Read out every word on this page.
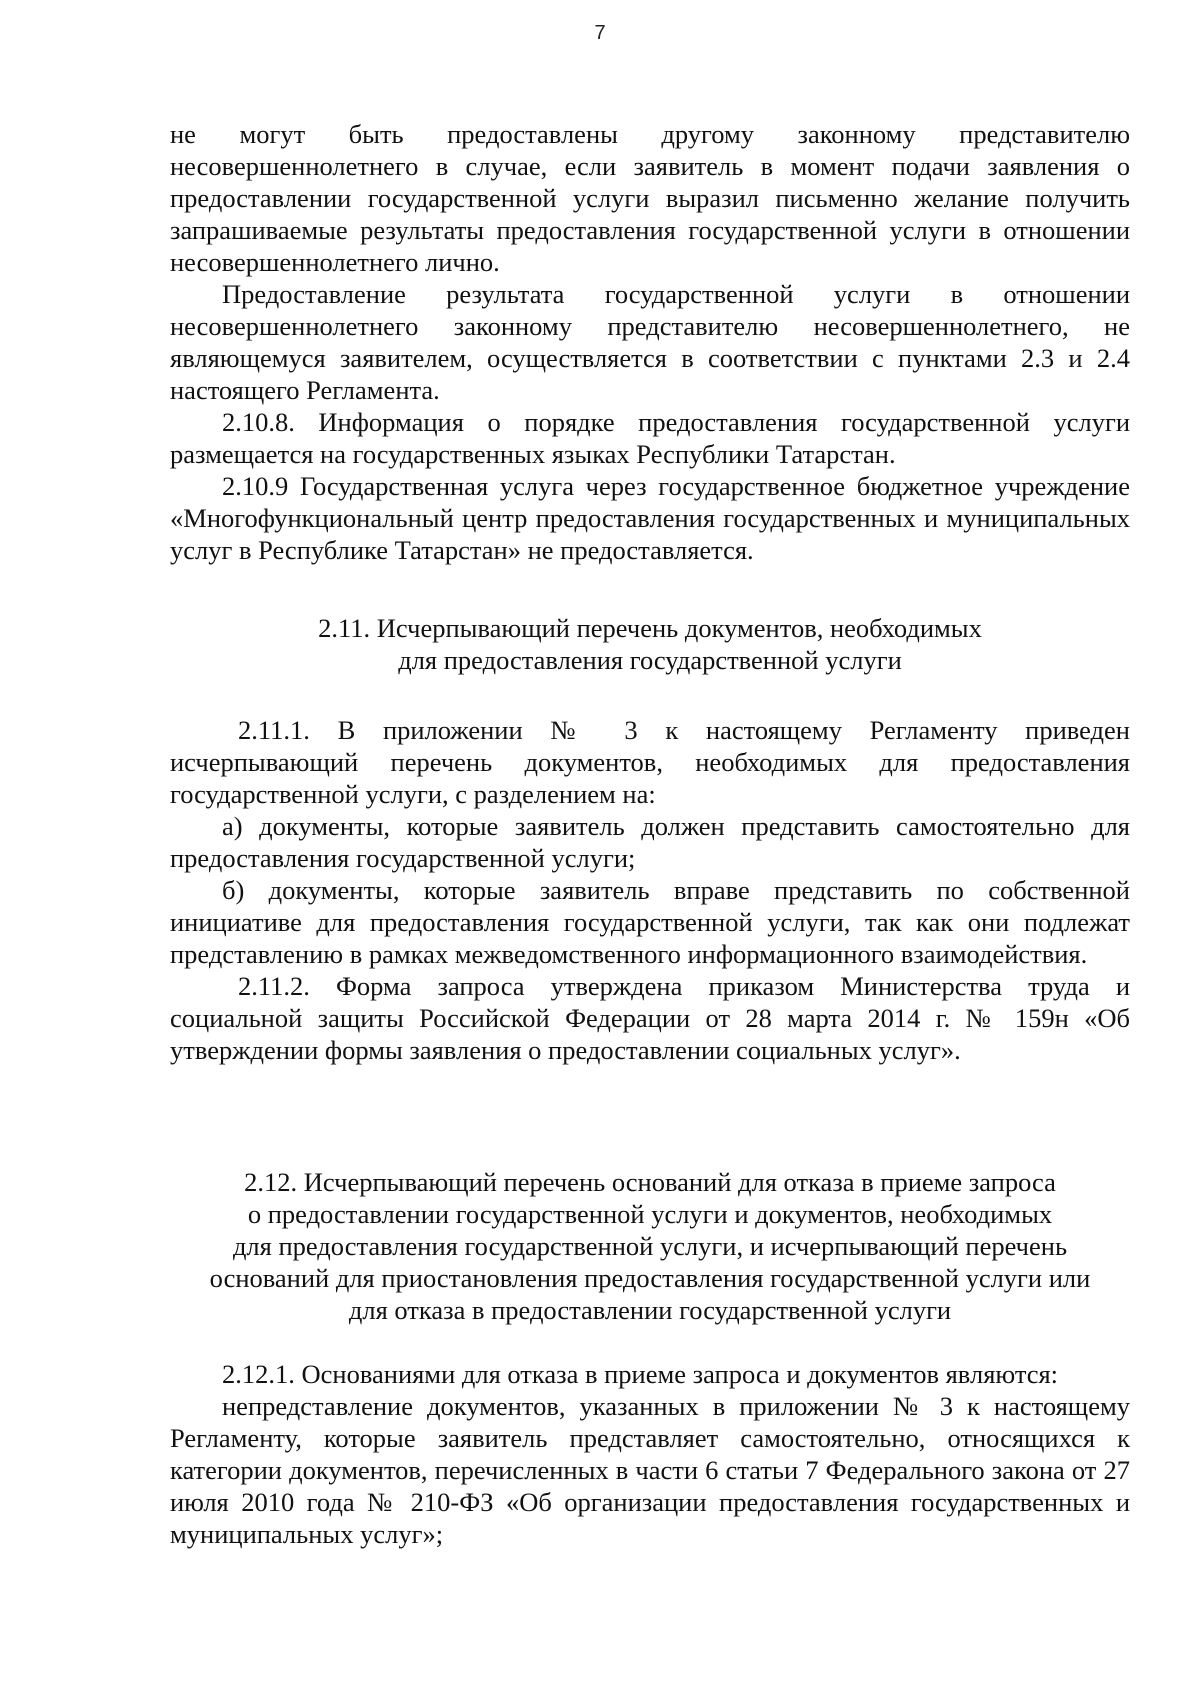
7

не могут быть предоставлены другому законному представителю несовершеннолетнего в случае, если заявитель в момент подачи заявления о предоставлении государственной услуги выразил письменно желание получить запрашиваемые результаты предоставления государственной услуги в отношении несовершеннолетнего лично.

Предоставление результата государственной услуги в отношении несовершеннолетнего законному представителю несовершеннолетнего, не являющемуся заявителем, осуществляется в соответствии с пунктами 2.3 и 2.4 настоящего Регламента.

2.10.8. Информация о порядке предоставления государственной услуги размещается на государственных языках Республики Татарстан.

2.10.9 Государственная услуга через государственное бюджетное учреждение «Многофункциональный центр предоставления государственных и муниципальных услуг в Республике Татарстан» не предоставляется.

2.11. Исчерпывающий перечень документов, необходимых
для предоставления государственной услуги

2.11.1. В приложении № 3 к настоящему Регламенту приведен исчерпывающий перечень документов, необходимых для предоставления государственной услуги, с разделением на:

а) документы, которые заявитель должен представить самостоятельно для предоставления государственной услуги;

б) документы, которые заявитель вправе представить по собственной инициативе для предоставления государственной услуги, так как они подлежат представлению в рамках межведомственного информационного взаимодействия.

2.11.2. Форма запроса утверждена приказом Министерства труда и социальной защиты Российской Федерации от 28 марта 2014 г. № 159н «Об утверждении формы заявления о предоставлении социальных услуг».

2.12. Исчерпывающий перечень оснований для отказа в приеме запроса
о предоставлении государственной услуги и документов, необходимых
для предоставления государственной услуги, и исчерпывающий перечень
оснований для приостановления предоставления государственной услуги или
для отказа в предоставлении государственной услуги

2.12.1. Основаниями для отказа в приеме запроса и документов являются:

непредставление документов, указанных в приложении № 3 к настоящему Регламенту, которые заявитель представляет самостоятельно, относящихся к категории документов, перечисленных в части 6 статьи 7 Федерального закона от 27 июля 2010 года № 210-ФЗ «Об организации предоставления государственных и муниципальных услуг»;
